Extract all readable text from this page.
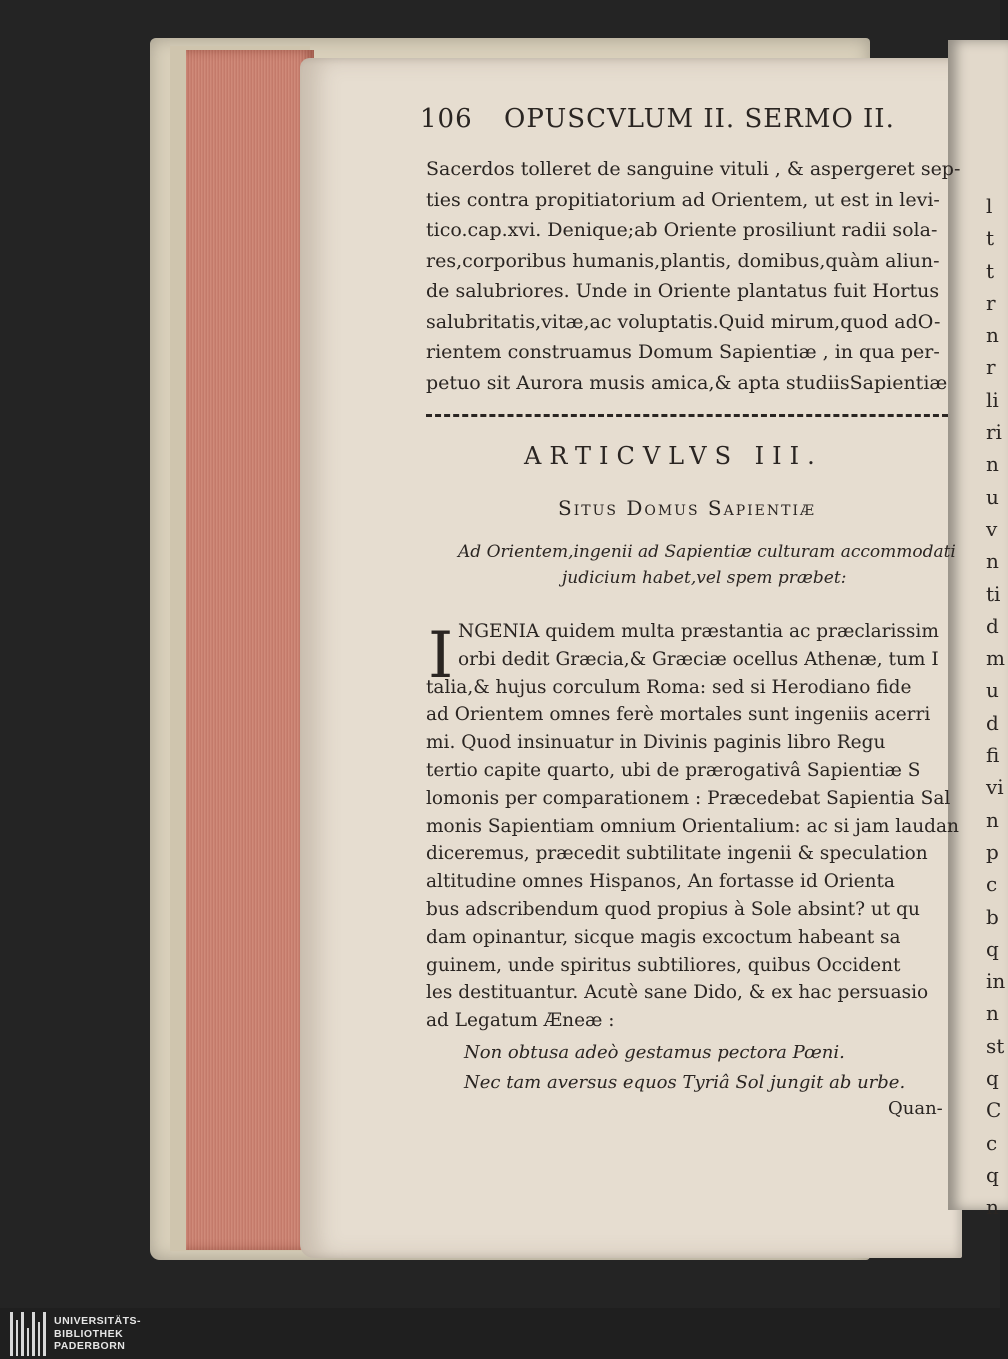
l
t
t
r
n
r
li
ri
n
u
v
n
ti
d
m
u
d
fi
vi
n
p
c
b
q
in
n
st
q
C
c
q
n
106 OPUSCVLUM II. SERMO II.
Sacerdos tolleret de sanguine vituli , & aspergeret sep-
ties contra propitiatorium ad Orientem, ut est in levi-
tico.cap.xvi. Denique;ab Oriente prosiliunt radii sola-
res,corporibus humanis,plantis, domibus,quàm aliun-
de salubriores. Unde in Oriente plantatus fuit Hortus
salubritatis,vitæ,ac voluptatis.Quid mirum,quod adO-
rientem construamus Domum Sapientiæ , in qua per-
petuo sit Aurora musis amica,& apta studiisSapientiæ
ARTICVLVS III.
Situs Domus Sapientiæ
Ad Orientem,ingenii ad Sapientiæ culturam accommodati
judicium habet,vel spem præbet:
I NGENIA quidem multa præstantia ac præclarissim
orbi dedit Græcia,& Græciæ ocellus Athenæ, tum I
talia,& hujus corculum Roma: sed si Herodiano fide
ad Orientem omnes ferè mortales sunt ingeniis acerri
mi. Quod insinuatur in Divinis paginis libro Regu
tertio capite quarto, ubi de prærogativâ Sapientiæ S
lomonis per comparationem : Præcedebat Sapientia Sal
monis Sapientiam omnium Orientalium: ac si jam laudan
diceremus, præcedit subtilitate ingenii & speculation
altitudine omnes Hispanos, An fortasse id Orienta
bus adscribendum quod propius à Sole absint? ut qu
dam opinantur, sicque magis excoctum habeant sa
guinem, unde spiritus subtiliores, quibus Occident
les destituantur. Acutè sane Dido, & ex hac persuasio
ad Legatum Æneæ :
Non obtusa adeò gestamus pectora Pœni.
Nec tam aversus equos Tyriâ Sol jungit ab urbe.
Quan-
UNIVERSITÄTS-
BIBLIOTHEK
PADERBORN
